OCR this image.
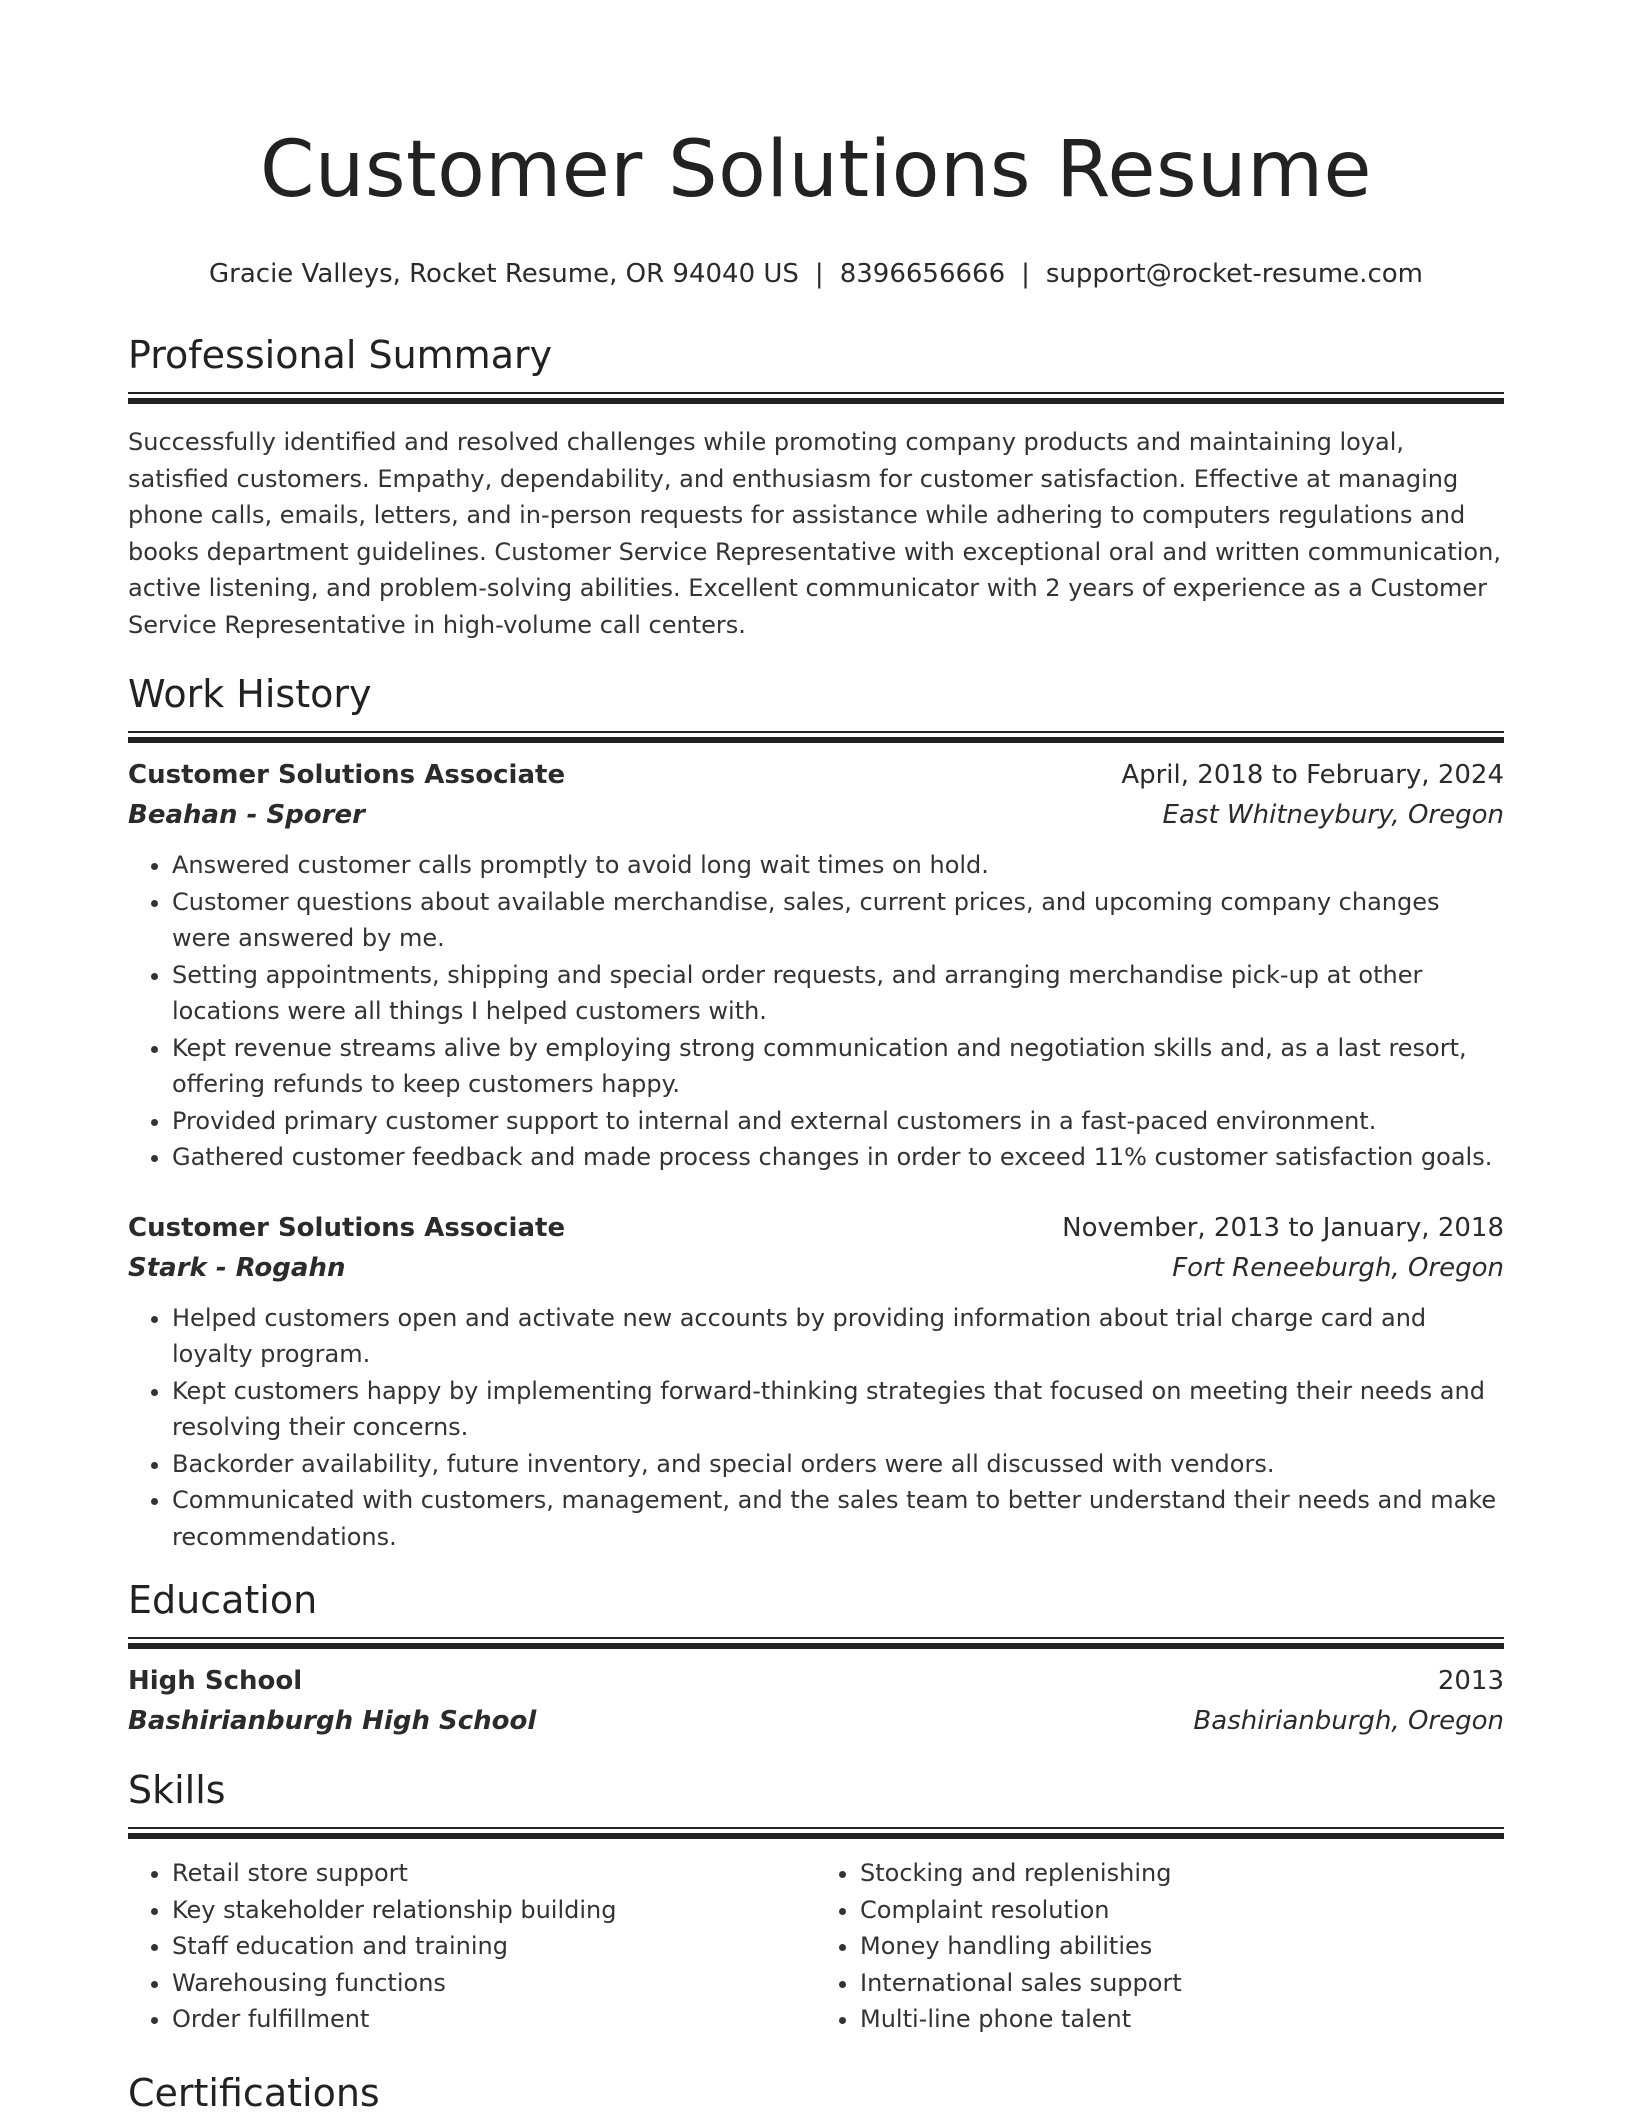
Customer Solutions Resume
Gracie Valleys, Rocket Resume, OR 94040 US | 8396656666 | support@rocket-resume.com
Professional Summary

Successfully identified and resolved challenges while promoting company products and maintaining loyal, satisfied customers. Empathy, dependability, and enthusiasm for customer satisfaction. Effective at managing phone calls, emails, letters, and in-person requests for assistance while adhering to computers regulations and books department guidelines. Customer Service Representative with exceptional oral and written communication, active listening, and problem-solving abilities. Excellent communicator with 2 years of experience as a Customer Service Representative in high-volume call centers.

Work History
Customer Solutions Associate	April, 2018 to February, 2024
Beahan - Sporer	East Whitneybury, Oregon
• Answered customer calls promptly to avoid long wait times on hold.
• Customer questions about available merchandise, sales, current prices, and upcoming company changes were answered by me.
• Setting appointments, shipping and special order requests, and arranging merchandise pick-up at other locations were all things I helped customers with.
• Kept revenue streams alive by employing strong communication and negotiation skills and, as a last resort, offering refunds to keep customers happy.
• Provided primary customer support to internal and external customers in a fast-paced environment.
• Gathered customer feedback and made process changes in order to exceed 11% customer satisfaction goals.
Customer Solutions Associate	November, 2013 to January, 2018
Stark - Rogahn	Fort Reneeburgh, Oregon
• Helped customers open and activate new accounts by providing information about trial charge card and loyalty program.
• Kept customers happy by implementing forward-thinking strategies that focused on meeting their needs and resolving their concerns.
• Backorder availability, future inventory, and special orders were all discussed with vendors.
• Communicated with customers, management, and the sales team to better understand their needs and make recommendations.
Education
High School	2013
Bashirianburgh High School	Bashirianburgh, Oregon
Skills
• Retail store support
• Key stakeholder relationship building
• Staff education and training
• Warehousing functions
• Order fulfillment
• Stocking and replenishing
• Complaint resolution
• Money handling abilities
• International sales support
• Multi-line phone talent
Certifications
